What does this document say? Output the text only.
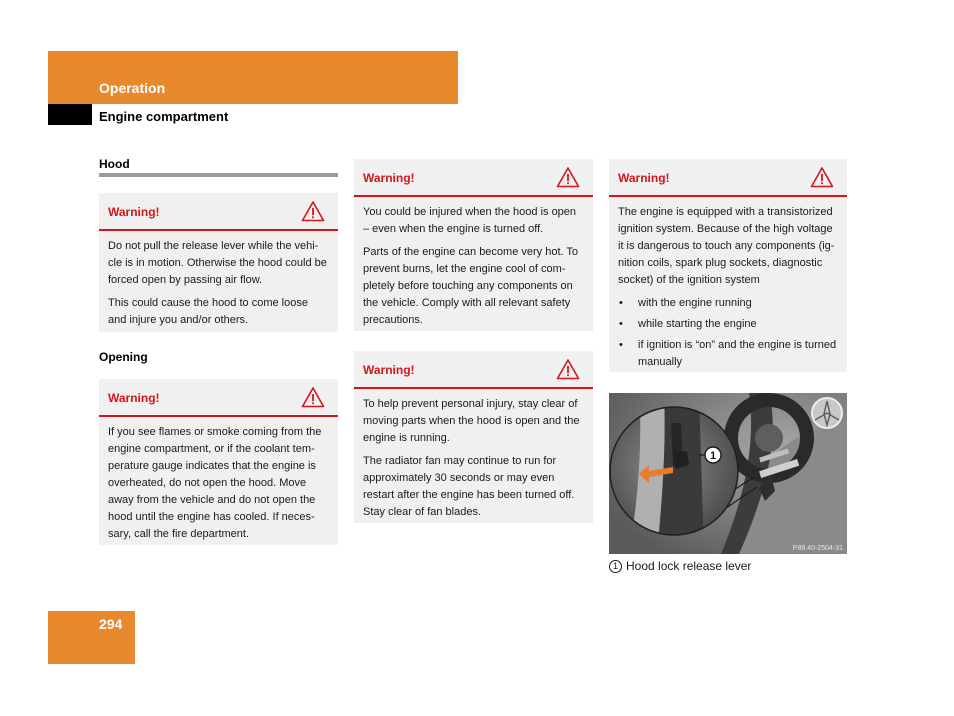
Operation
Engine compartment
Hood
Warning!

Do not pull the release lever while the vehi-cle is in motion. Otherwise the hood could be forced open by passing air flow.

This could cause the hood to come loose and injure you and/or others.

Opening
Warning!

If you see flames or smoke coming from the engine compartment, or if the coolant tem-perature gauge indicates that the engine is overheated, do not open the hood. Move away from the vehicle and do not open the hood until the engine has cooled. If neces-sary, call the fire department.

Warning!

You could be injured when the hood is open – even when the engine is turned off.

Parts of the engine can become very hot. To prevent burns, let the engine cool of com-pletely before touching any components on the vehicle. Comply with all relevant safety precautions.

Warning!

To help prevent personal injury, stay clear of moving parts when the hood is open and the engine is running.

The radiator fan may continue to run for approximately 30 seconds or may even restart after the engine has been turned off. Stay clear of fan blades.

Warning!

The engine is equipped with a transistorized ignition system. Because of the high voltage it is dangerous to touch any components (ig-nition coils, spark plug sockets, diagnostic socket) of the ignition system

• with the engine running
• while starting the engine
• if ignition is “on” and the engine is turned manually
1
P88.40-2504-31
1 Hood lock release lever
294
